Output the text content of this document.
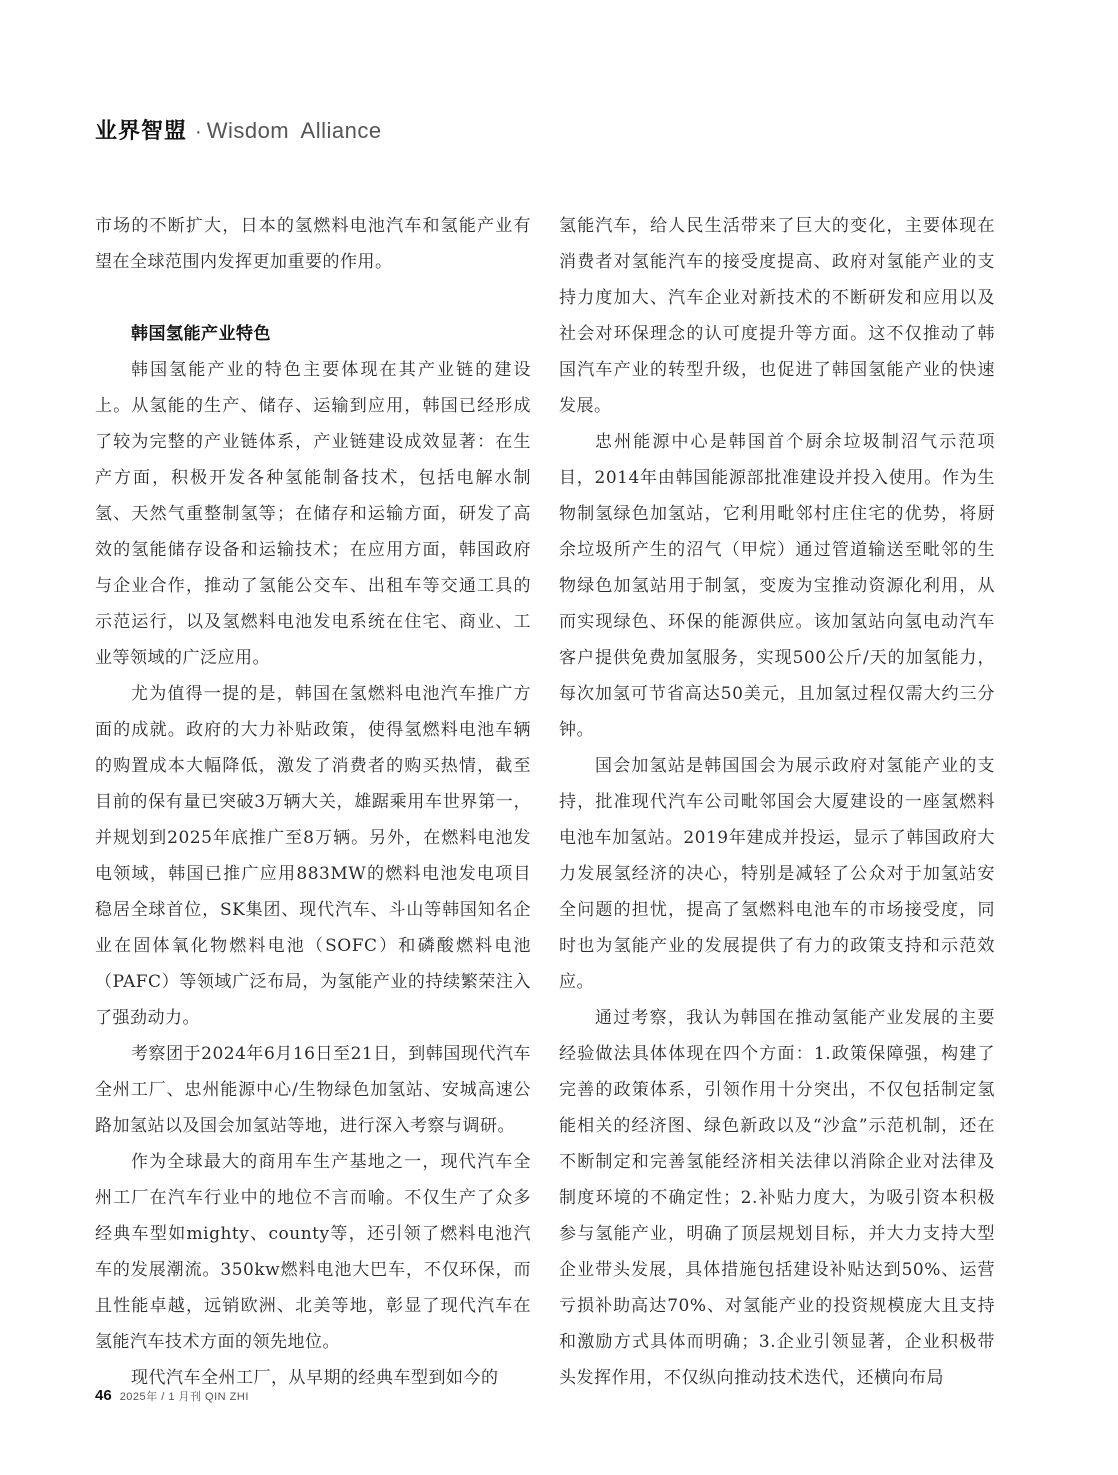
业界智盟 · Wisdom Alliance

市场的不断扩大，日本的氢燃料电池汽车和氢能产业有望在全球范围内发挥更加重要的作用。

韩国氢能产业特色

韩国氢能产业的特色主要体现在其产业链的建设上。从氢能的生产、储存、运输到应用，韩国已经形成了较为完整的产业链体系，产业链建设成效显著：在生产方面，积极开发各种氢能制备技术，包括电解水制氢、天然气重整制氢等；在储存和运输方面，研发了高效的氢能储存设备和运输技术；在应用方面，韩国政府与企业合作，推动了氢能公交车、出租车等交通工具的示范运行，以及氢燃料电池发电系统在住宅、商业、工业等领域的广泛应用。

尤为值得一提的是，韩国在氢燃料电池汽车推广方面的成就。政府的大力补贴政策，使得氢燃料电池车辆的购置成本大幅降低，激发了消费者的购买热情，截至目前的保有量已突破3万辆大关，雄踞乘用车世界第一，并规划到2025年底推广至8万辆。另外，在燃料电池发电领域，韩国已推广应用883MW的燃料电池发电项目稳居全球首位，SK集团、现代汽车、斗山等韩国知名企业在固体氧化物燃料电池（SOFC）和磷酸燃料电池（PAFC）等领域广泛布局，为氢能产业的持续繁荣注入了强劲动力。

考察团于2024年6月16日至21日，到韩国现代汽车全州工厂、忠州能源中心/生物绿色加氢站、安城高速公路加氢站以及国会加氢站等地，进行深入考察与调研。

作为全球最大的商用车生产基地之一，现代汽车全州工厂在汽车行业中的地位不言而喻。不仅生产了众多经典车型如mighty、county等，还引领了燃料电池汽车的发展潮流。350kw燃料电池大巴车，不仅环保，而且性能卓越，远销欧洲、北美等地，彰显了现代汽车在氢能汽车技术方面的领先地位。

现代汽车全州工厂，从早期的经典车型到如今的

氢能汽车，给人民生活带来了巨大的变化，主要体现在消费者对氢能汽车的接受度提高、政府对氢能产业的支持力度加大、汽车企业对新技术的不断研发和应用以及社会对环保理念的认可度提升等方面。这不仅推动了韩国汽车产业的转型升级，也促进了韩国氢能产业的快速发展。

忠州能源中心是韩国首个厨余垃圾制沼气示范项目，2014年由韩国能源部批准建设并投入使用。作为生物制氢绿色加氢站，它利用毗邻村庄住宅的优势，将厨余垃圾所产生的沼气（甲烷）通过管道输送至毗邻的生物绿色加氢站用于制氢，变废为宝推动资源化利用，从而实现绿色、环保的能源供应。该加氢站向氢电动汽车客户提供免费加氢服务，实现500公斤/天的加氢能力，每次加氢可节省高达50美元，且加氢过程仅需大约三分钟。

国会加氢站是韩国国会为展示政府对氢能产业的支持，批准现代汽车公司毗邻国会大厦建设的一座氢燃料电池车加氢站。2019年建成并投运，显示了韩国政府大力发展氢经济的决心，特别是减轻了公众对于加氢站安全问题的担忧，提高了氢燃料电池车的市场接受度，同时也为氢能产业的发展提供了有力的政策支持和示范效应。

通过考察，我认为韩国在推动氢能产业发展的主要经验做法具体体现在四个方面：1.政策保障强，构建了完善的政策体系，引领作用十分突出，不仅包括制定氢能相关的经济图、绿色新政以及“沙盒”示范机制，还在不断制定和完善氢能经济相关法律以消除企业对法律及制度环境的不确定性；2.补贴力度大，为吸引资本积极参与氢能产业，明确了顶层规划目标，并大力支持大型企业带头发展，具体措施包括建设补贴达到50%、运营亏损补助高达70%、对氢能产业的投资规模庞大且支持和激励方式具体而明确；3.企业引领显著，企业积极带头发挥作用，不仅纵向推动技术迭代，还横向布局

46 2025年 / 1 月刊 QIN ZHI
